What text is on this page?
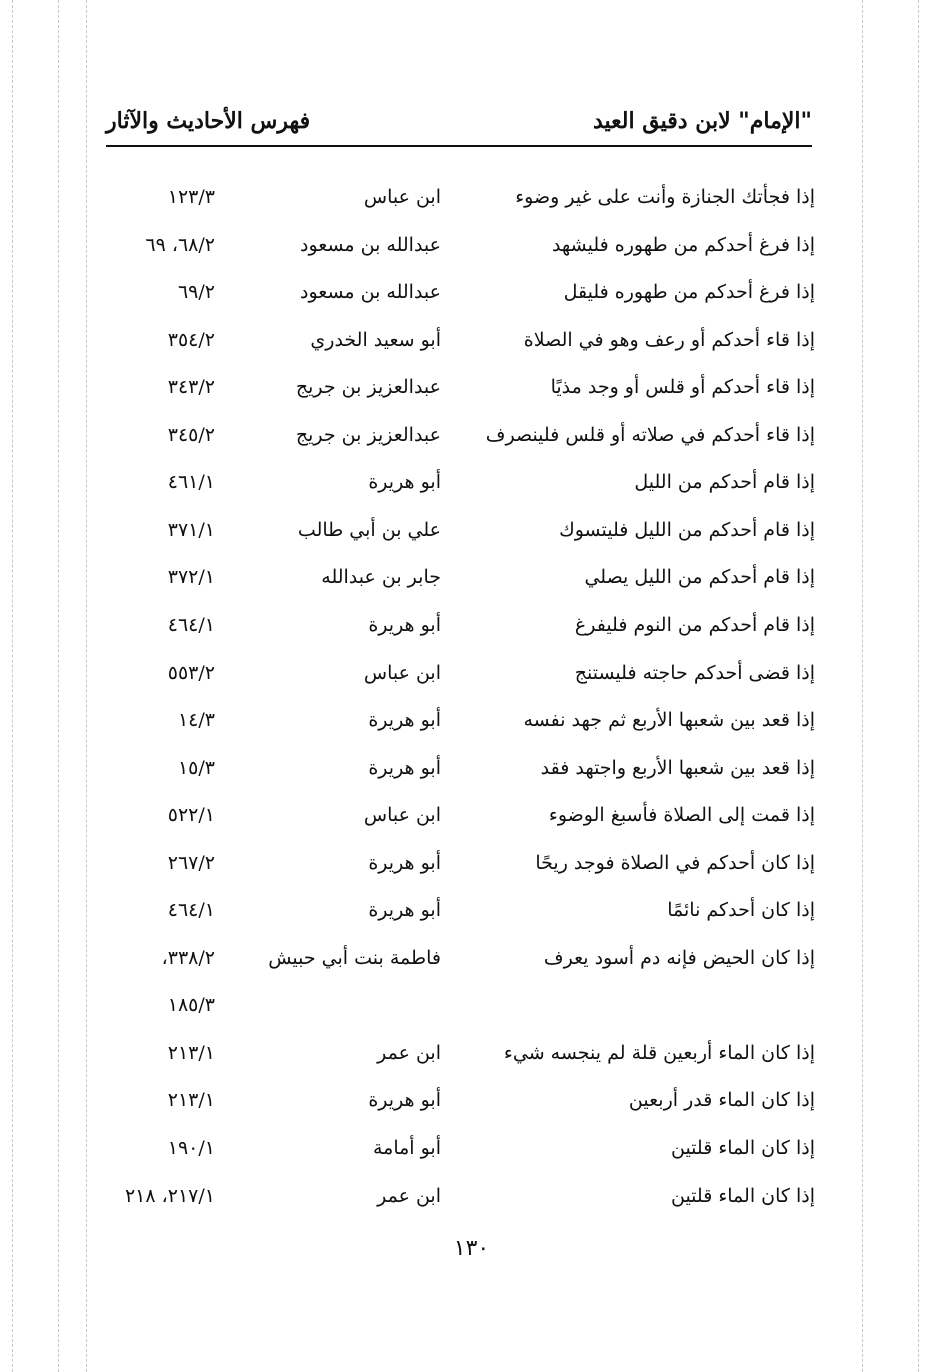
"الإمام" لابن دقيق العيد
فهرس الأحاديث والآثار
إذا فجأتك الجنازة وأنت على غير وضوء
ابن عباس
١٢٣/٣
إذا فرغ أحدكم من طهوره فليشهد
عبدالله بن مسعود
٦٨/٢، ٦٩
إذا فرغ أحدكم من طهوره فليقل
عبدالله بن مسعود
٦٩/٢
إذا قاء أحدكم أو رعف وهو في الصلاة
أبو سعيد الخدري
٣٥٤/٢
إذا قاء أحدكم أو قلس أو وجد مذيًا
عبدالعزيز بن جريج
٣٤٣/٢
إذا قاء أحدكم في صلاته أو قلس فلينصرف
عبدالعزيز بن جريج
٣٤٥/٢
إذا قام أحدكم من الليل
أبو هريرة
٤٦١/١
إذا قام أحدكم من الليل فليتسوك
علي بن أبي طالب
٣٧١/١
إذا قام أحدكم من الليل يصلي
جابر بن عبدالله
٣٧٢/١
إذا قام أحدكم من النوم فليفرغ
أبو هريرة
٤٦٤/١
إذا قضى أحدكم حاجته فليستنج
ابن عباس
٥٥٣/٢
إذا قعد بين شعبها الأربع ثم جهد نفسه
أبو هريرة
١٤/٣
إذا قعد بين شعبها الأربع واجتهد فقد
أبو هريرة
١٥/٣
إذا قمت إلى الصلاة فأسبغ الوضوء
ابن عباس
٥٢٢/١
إذا كان أحدكم في الصلاة فوجد ريحًا
أبو هريرة
٢٦٧/٢
إذا كان أحدكم نائمًا
أبو هريرة
٤٦٤/١
إذا كان الحيض فإنه دم أسود يعرف
فاطمة بنت أبي حبيش
٣٣٨/٢،
١٨٥/٣
إذا كان الماء أربعين قلة لم ينجسه شيء
ابن عمر
٢١٣/١
إذا كان الماء قدر أربعين
أبو هريرة
٢١٣/١
إذا كان الماء قلتين
أبو أمامة
١٩٠/١
إذا كان الماء قلتين
ابن عمر
٢١٧/١، ٢١٨
١٣٠
